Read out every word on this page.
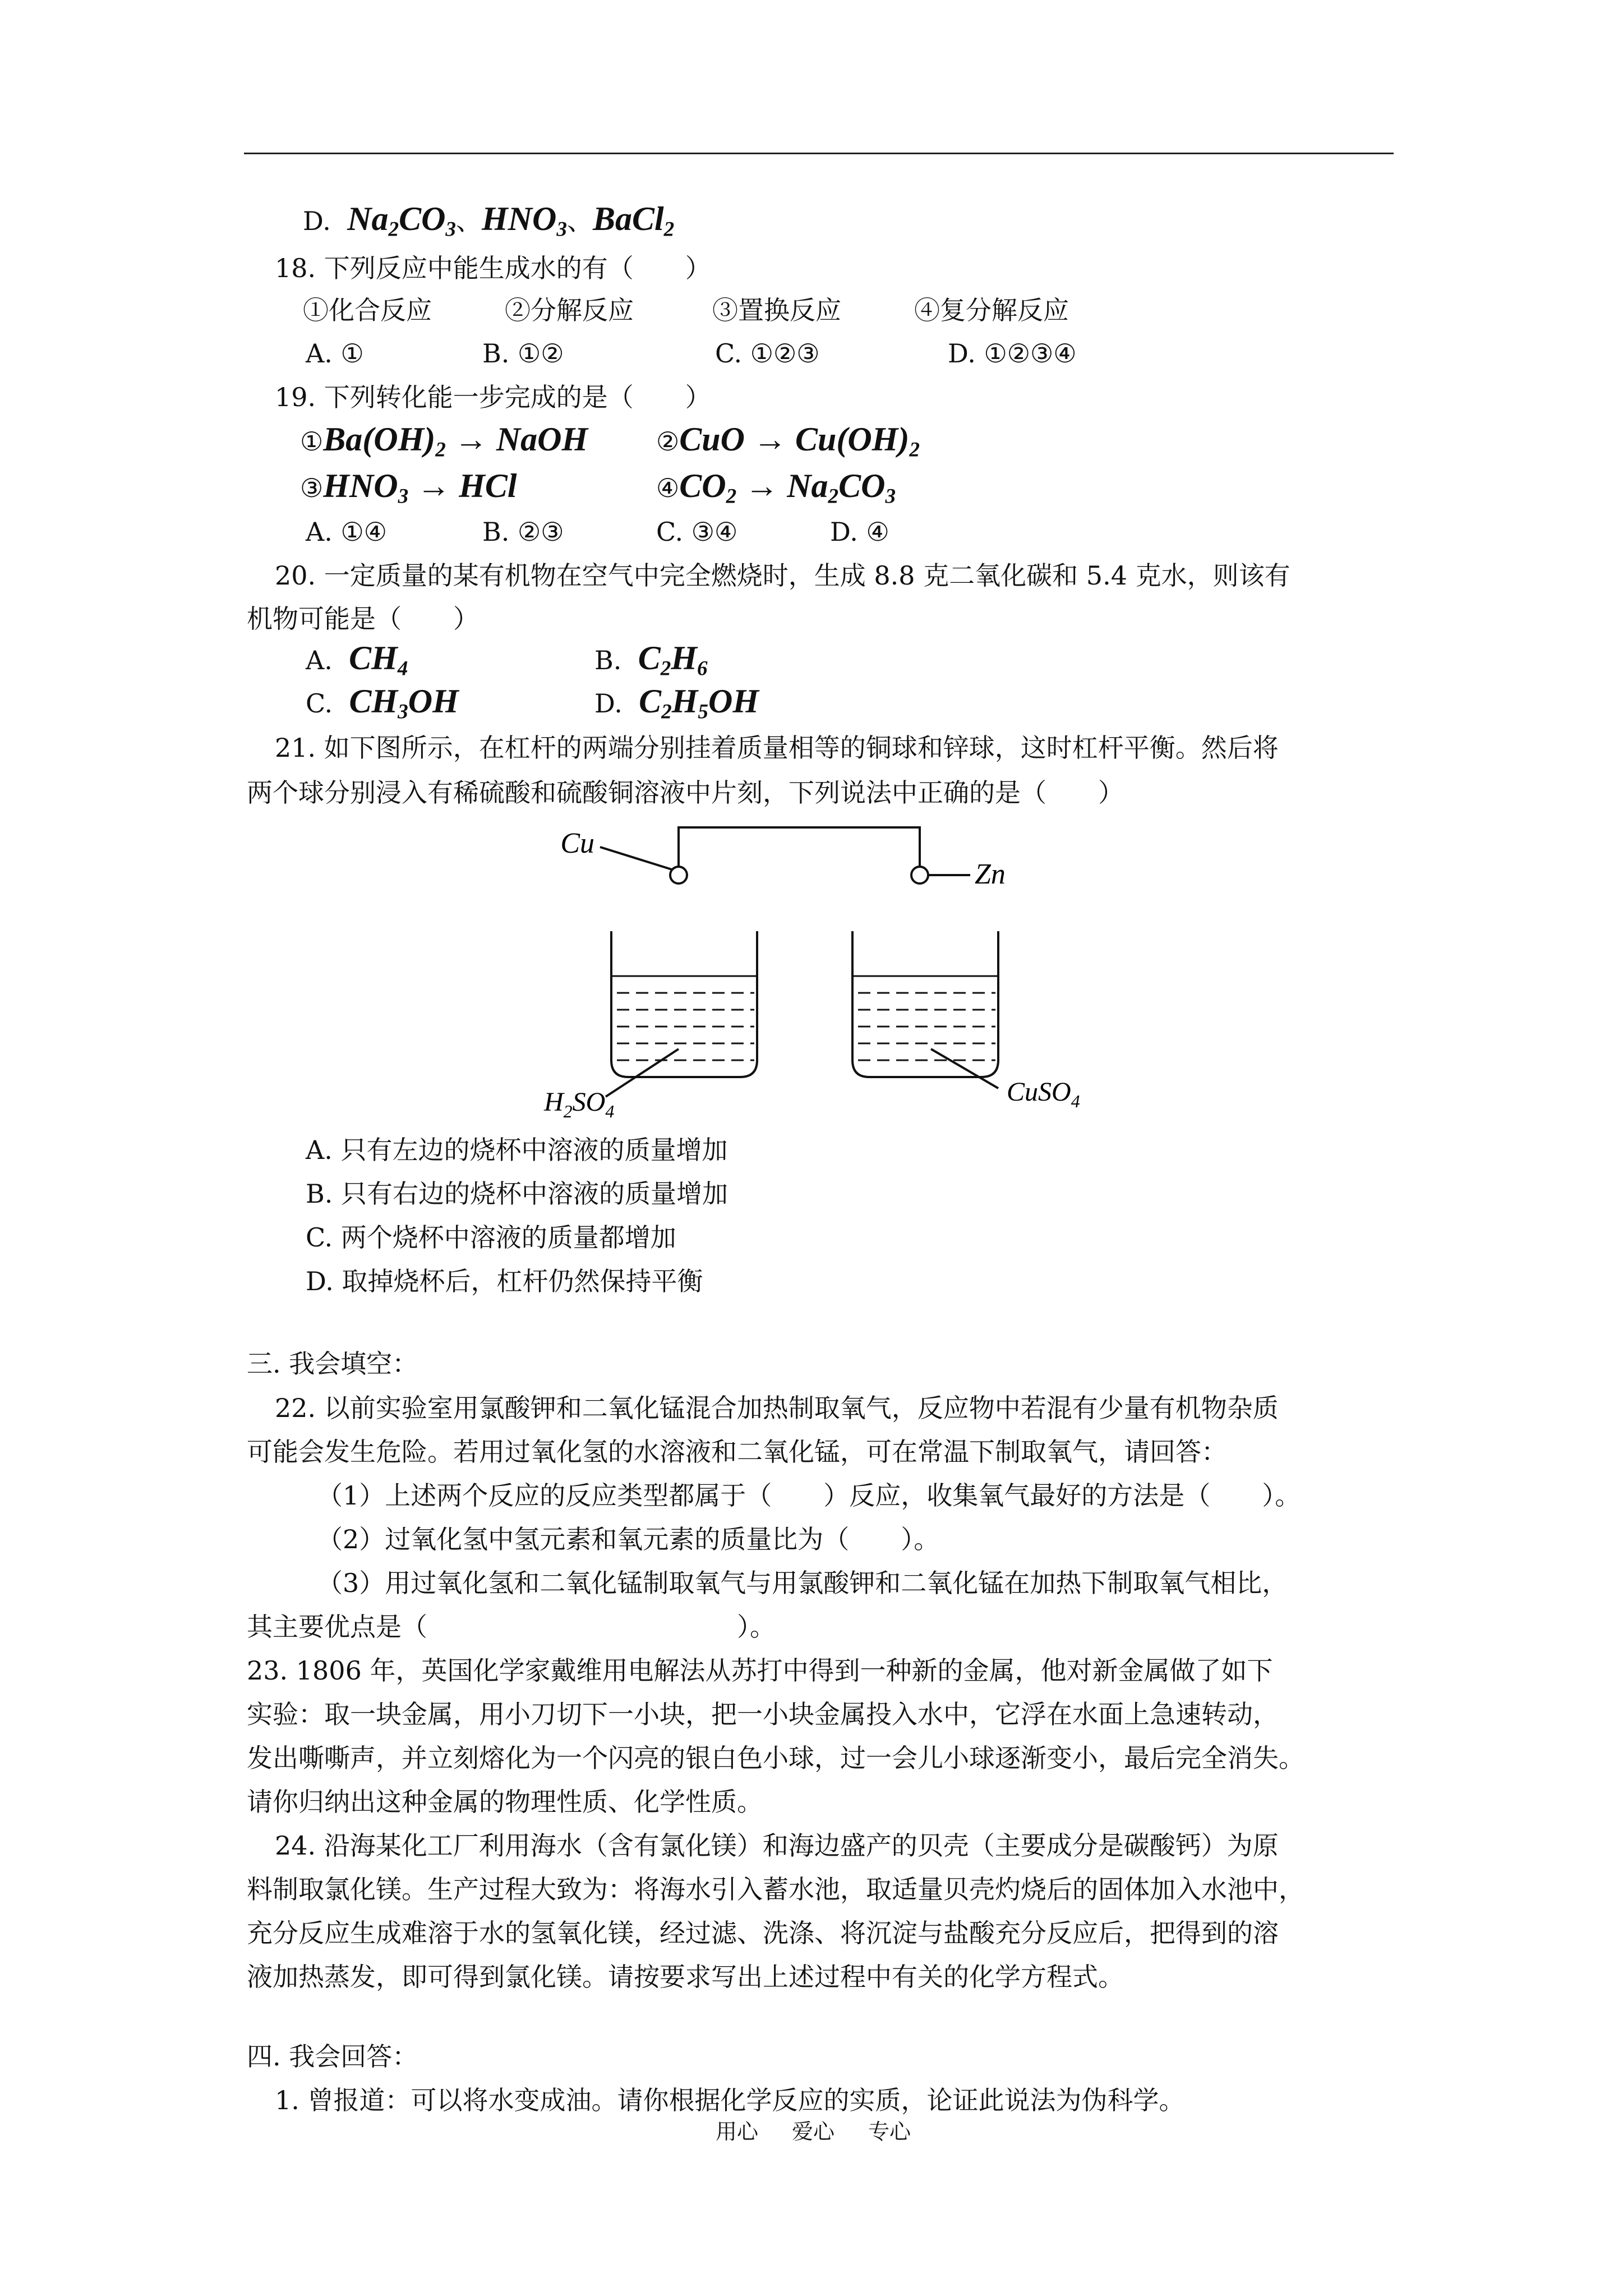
D. $Na_2CO_3$、$HNO_3$、BaCl$_2$
18. 下列反应中能生成水的有（　　）
①化合反应	②分解反应	③置换反应	④复分解反应
A. ①	B. ①②	C. ①②③	D. ①②③④
19. 下列转化能一步完成的是（　　）
$①Ba(OH)_2$ → NaOH	②CuO → $Cu(OH)_2$
$③HNO_3$ → HCl	$④CO_2 \to Na_2CO_3$
A. ①④	B. ②③	C. ③④	D. ④
20. 一定质量的某有机物在空气中完全燃烧时，生成 8.8 克二氧化碳和 5.4 克水，则该有
机物可能是（　　）
A. $CH_4$	B. $C_2H_6$
C. $CH_3OH$	D. $C_2H_5OH$
21. 如下图所示，在杠杆的两端分别挂着质量相等的铜球和锌球，这时杠杆平衡。然后将
两个球分别浸入有稀硫酸和硫酸铜溶液中片刻，下列说法中正确的是（　　）
Cu
Zn
$H_2SO_4$
CuSO$_4$
A. 只有左边的烧杯中溶液的质量增加
B. 只有右边的烧杯中溶液的质量增加
C. 两个烧杯中溶液的质量都增加
D. 取掉烧杯后，杠杆仍然保持平衡
三. 我会填空：
22. 以前实验室用氯酸钾和二氧化锰混合加热制取氧气，反应物中若混有少量有机物杂质
可能会发生危险。若用过氧化氢的水溶液和二氧化锰，可在常温下制取氧气，请回答：
（1）上述两个反应的反应类型都属于（　　）反应，收集氧气最好的方法是（　　）。
（2）过氧化氢中氢元素和氧元素的质量比为（　　）。
（3）用过氧化氢和二氧化锰制取氧气与用氯酸钾和二氧化锰在加热下制取氧气相比，
其主要优点是（　　　　　　　　　　　　）。
23. 1806 年，英国化学家戴维用电解法从苏打中得到一种新的金属，他对新金属做了如下
实验：取一块金属，用小刀切下一小块，把一小块金属投入水中，它浮在水面上急速转动，
发出嘶嘶声，并立刻熔化为一个闪亮的银白色小球，过一会儿小球逐渐变小，最后完全消失。
请你归纳出这种金属的物理性质、化学性质。
24. 沿海某化工厂利用海水（含有氯化镁）和海边盛产的贝壳（主要成分是碳酸钙）为原
料制取氯化镁。生产过程大致为：将海水引入蓄水池，取适量贝壳灼烧后的固体加入水池中，
充分反应生成难溶于水的氢氧化镁，经过滤、洗涤、将沉淀与盐酸充分反应后，把得到的溶
液加热蒸发，即可得到氯化镁。请按要求写出上述过程中有关的化学方程式。
四. 我会回答：
1. 曾报道：可以将水变成油。请你根据化学反应的实质，论证此说法为伪科学。
用心 爱心 专心
